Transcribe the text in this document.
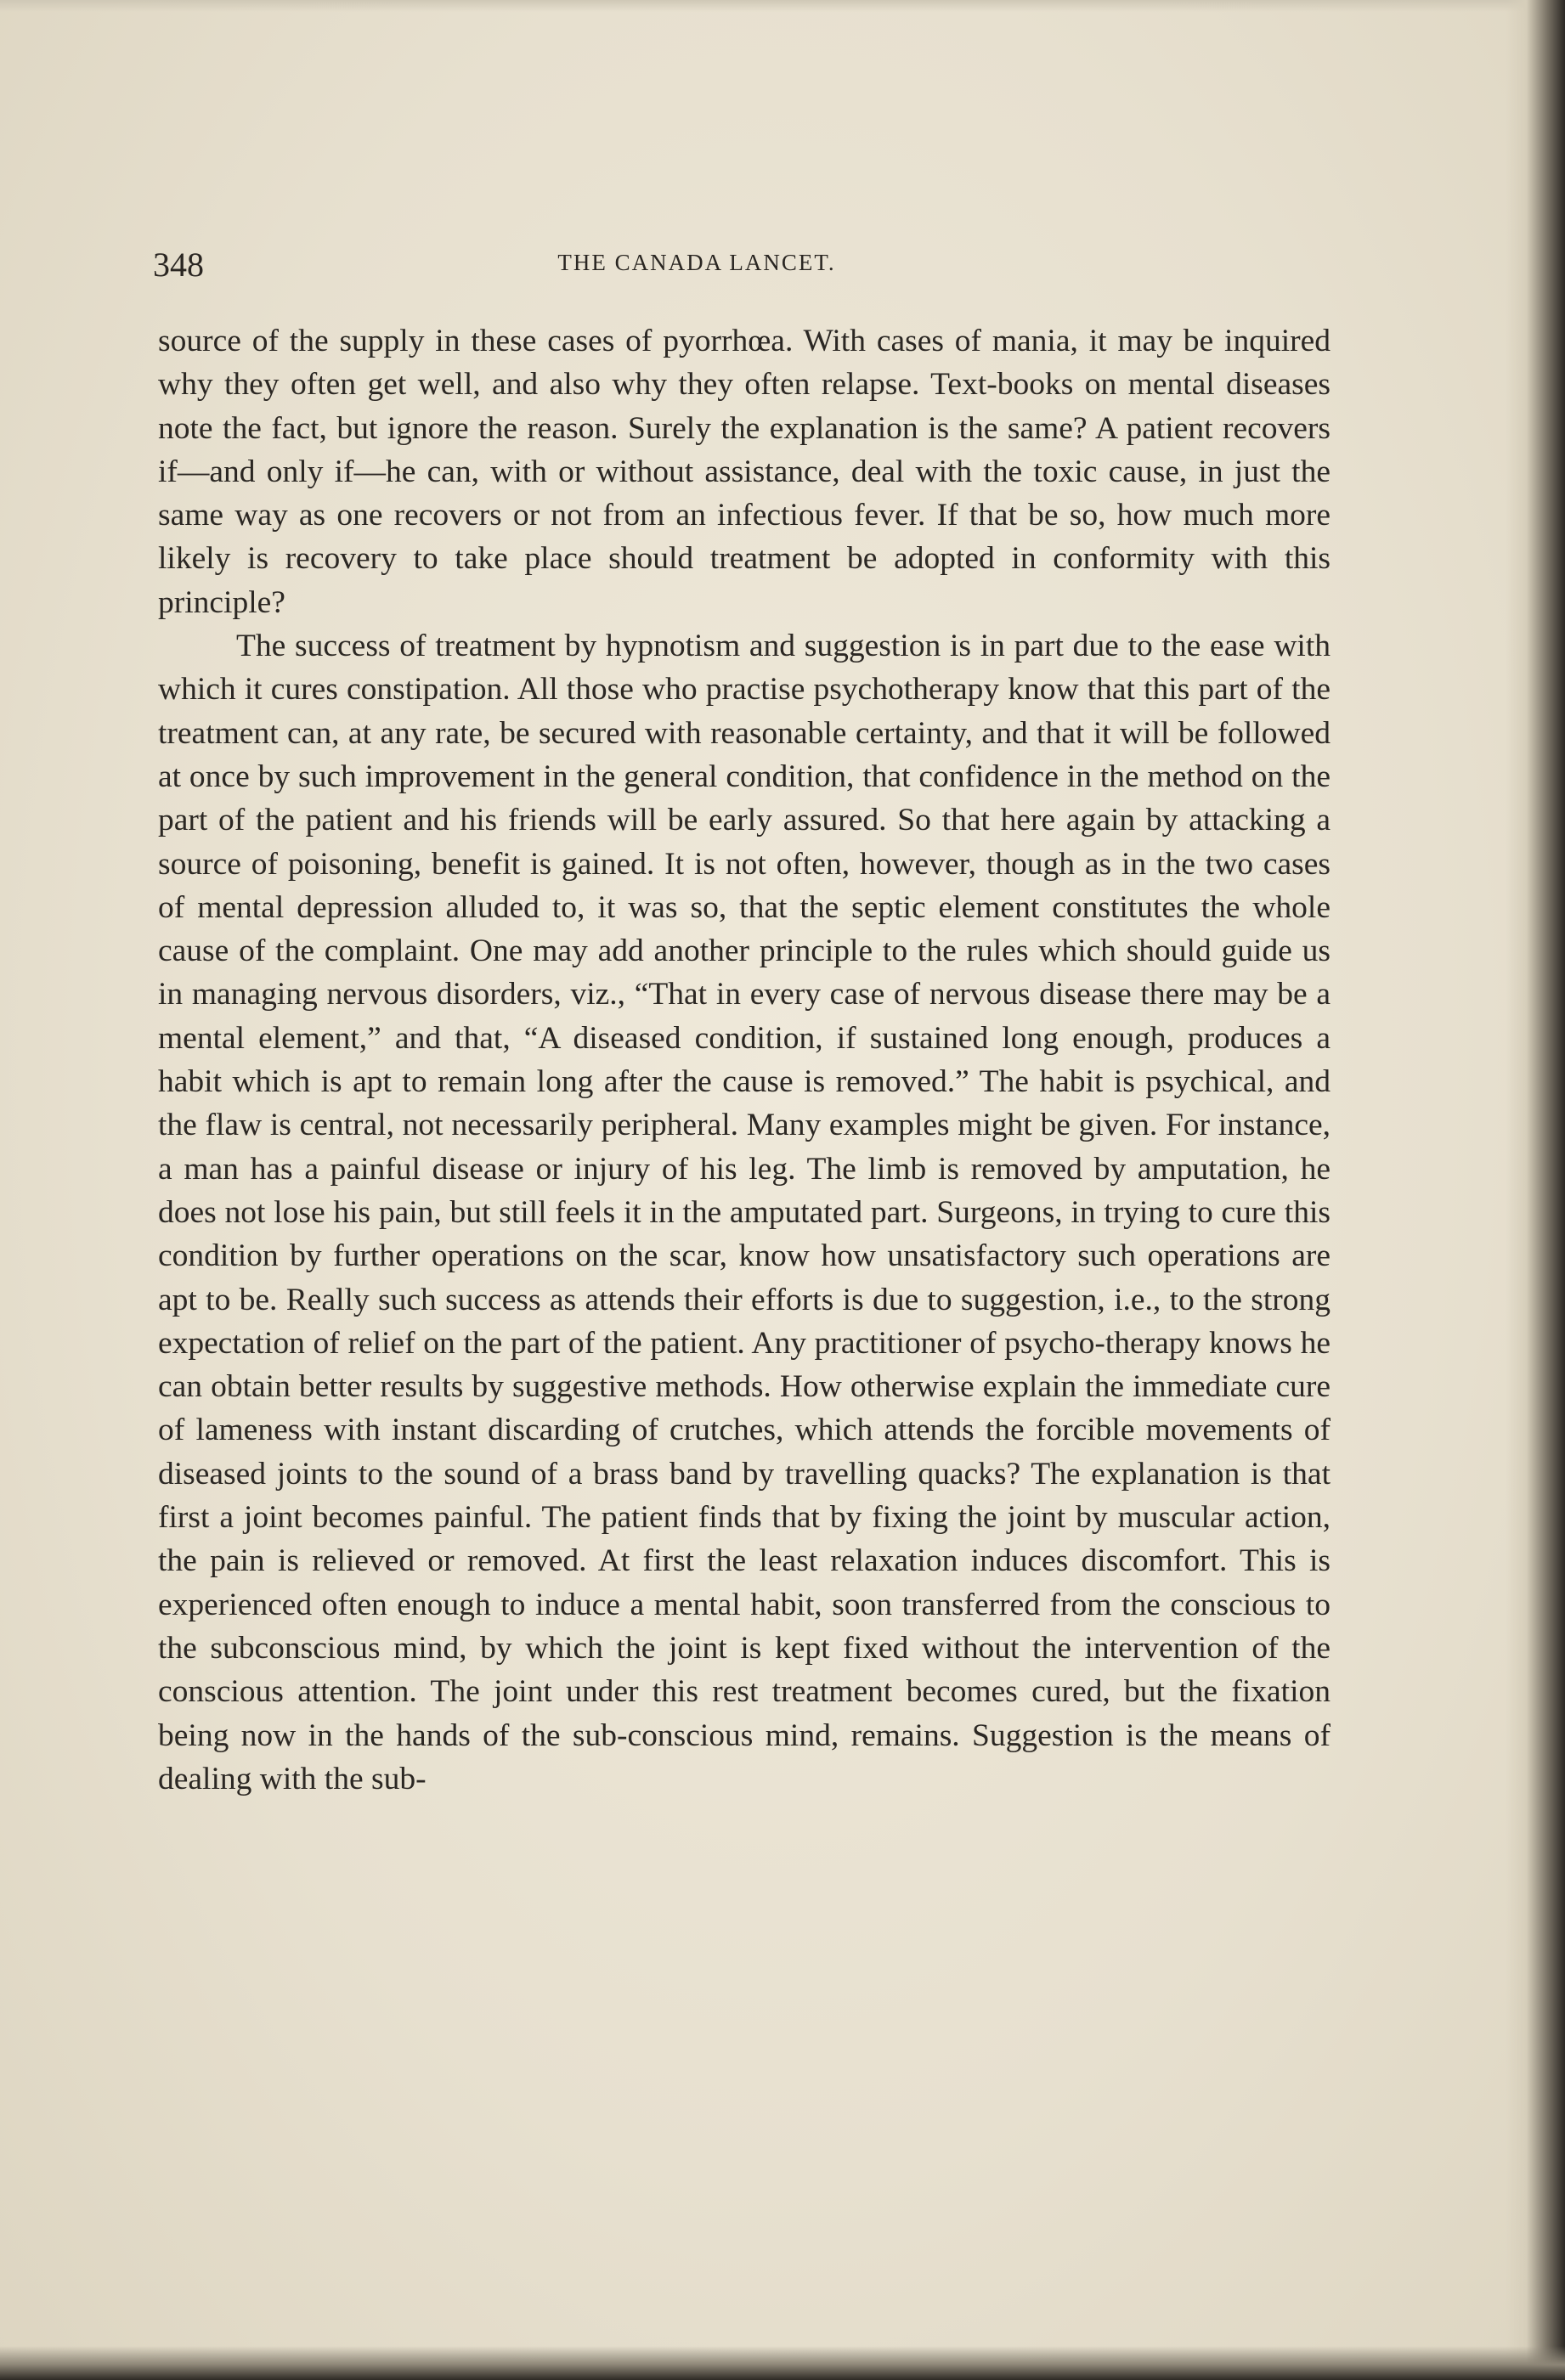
348	THE CANADA LANCET.

source of the supply in these cases of pyorrhœa. With cases of mania, it may be inquired why they often get well, and also why they often relapse. Text-books on mental diseases note the fact, but ignore the reason. Surely the explanation is the same? A patient recovers if—and only if—he can, with or without assistance, deal with the toxic cause, in just the same way as one recovers or not from an infectious fever. If that be so, how much more likely is recovery to take place should treatment be adopted in conformity with this principle?

The success of treatment by hypnotism and suggestion is in part due to the ease with which it cures constipation. All those who practise psychotherapy know that this part of the treatment can, at any rate, be secured with reasonable certainty, and that it will be followed at once by such improvement in the general condition, that confidence in the method on the part of the patient and his friends will be early assured. So that here again by attacking a source of poisoning, benefit is gained. It is not often, however, though as in the two cases of mental depression alluded to, it was so, that the septic element constitutes the whole cause of the complaint. One may add another principle to the rules which should guide us in managing nervous disorders, viz., “That in every case of nervous disease there may be a mental element,” and that, “A diseased condition, if sustained long enough, produces a habit which is apt to remain long after the cause is removed.” The habit is psychical, and the flaw is central, not necessarily peripheral. Many examples might be given. For instance, a man has a painful disease or injury of his leg. The limb is removed by amputation, he does not lose his pain, but still feels it in the amputated part. Surgeons, in trying to cure this condition by further operations on the scar, know how unsatisfactory such operations are apt to be. Really such success as attends their efforts is due to suggestion, i.e., to the strong expectation of relief on the part of the patient. Any practitioner of psycho-therapy knows he can obtain better results by suggestive methods. How otherwise explain the immediate cure of lameness with instant discarding of crutches, which attends the forcible movements of diseased joints to the sound of a brass band by travelling quacks? The explanation is that first a joint becomes painful. The patient finds that by fixing the joint by muscular action, the pain is relieved or removed. At first the least relaxation induces discomfort. This is experienced often enough to induce a mental habit, soon transferred from the conscious to the subconscious mind, by which the joint is kept fixed without the intervention of the conscious attention. The joint under this rest treatment becomes cured, but the fixation being now in the hands of the sub-conscious mind, remains. Suggestion is the means of dealing with the sub-
